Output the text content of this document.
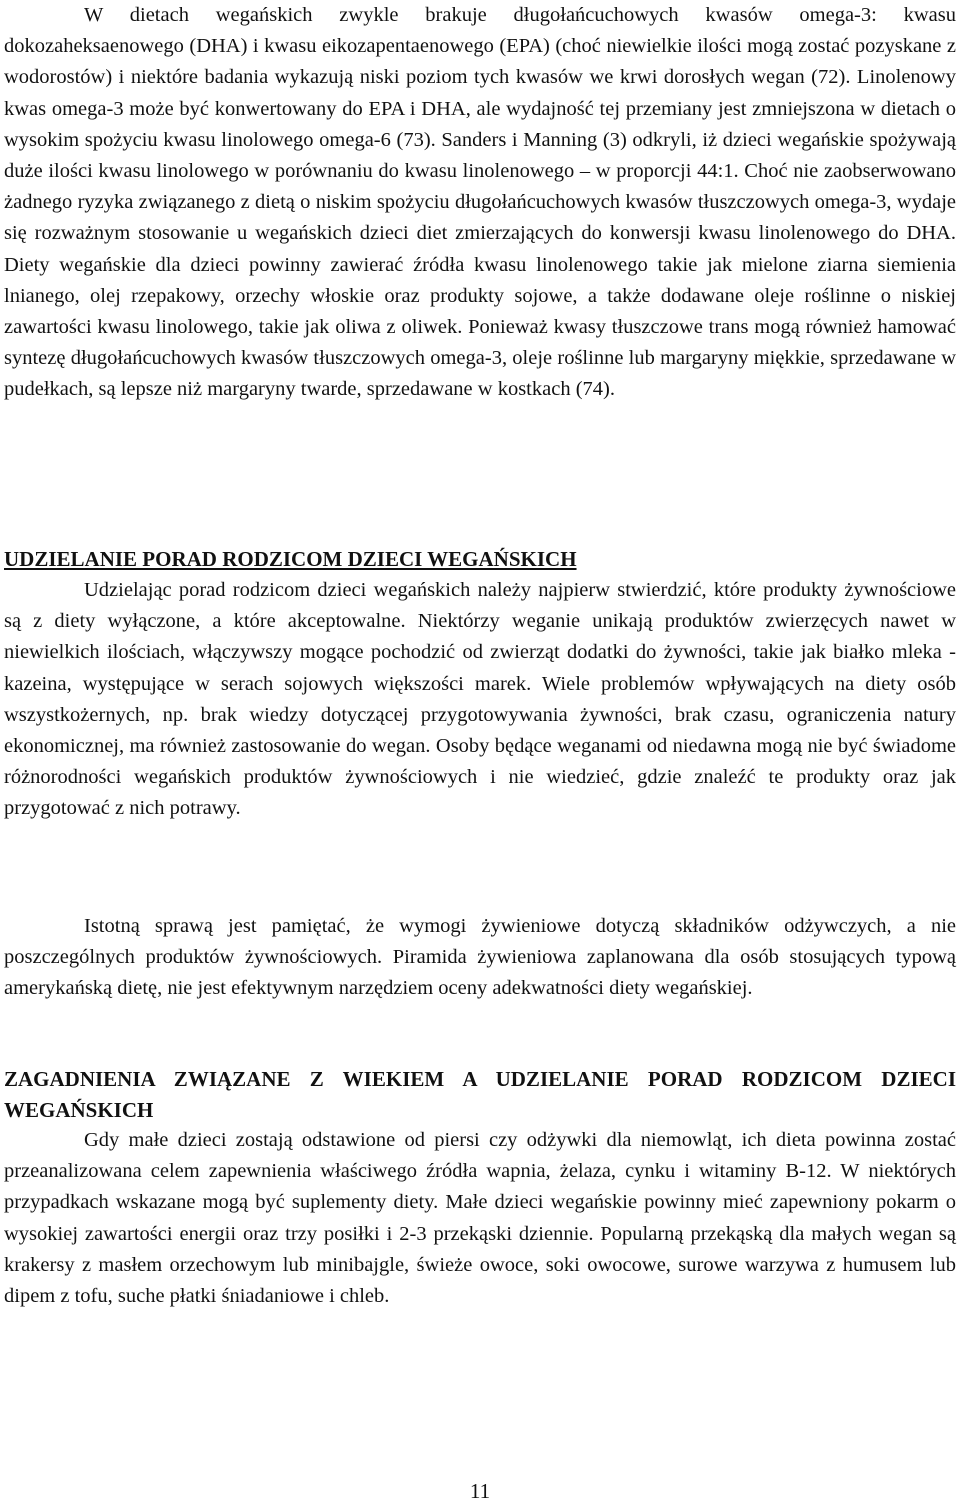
W dietach wegańskich zwykle brakuje długołańcuchowych kwasów omega-3: kwasu dokozaheksaenowego (DHA) i kwasu eikozapentaenowego (EPA) (choć niewielkie ilości mogą zostać pozyskane z wodorostów) i niektóre badania wykazują niski poziom tych kwasów we krwi dorosłych wegan (72). Linolenowy kwas omega-3 może być konwertowany do EPA i DHA, ale wydajność tej przemiany jest zmniejszona w dietach o wysokim spożyciu kwasu linolowego omega-6 (73). Sanders i Manning (3) odkryli, iż dzieci wegańskie spożywają duże ilości kwasu linolowego w porównaniu do kwasu linolenowego – w proporcji 44:1. Choć nie zaobserwowano żadnego ryzyka związanego z dietą o niskim spożyciu długołańcuchowych kwasów tłuszczowych omega-3, wydaje się rozważnym stosowanie u wegańskich dzieci diet zmierzających do konwersji kwasu linolenowego do DHA. Diety wegańskie dla dzieci powinny zawierać źródła kwasu linolenowego takie jak mielone ziarna siemienia lnianego, olej rzepakowy, orzechy włoskie oraz produkty sojowe, a także dodawane oleje roślinne o niskiej zawartości kwasu linolowego, takie jak oliwa z oliwek. Ponieważ kwasy tłuszczowe trans mogą również hamować syntezę długołańcuchowych kwasów tłuszczowych omega-3, oleje roślinne lub margaryny miękkie, sprzedawane w pudełkach, są lepsze niż margaryny twarde, sprzedawane w kostkach (74).

UDZIELANIE PORAD RODZICOM DZIECI WEGAŃSKICH

Udzielając porad rodzicom dzieci wegańskich należy najpierw stwierdzić, które produkty żywnościowe są z diety wyłączone, a które akceptowalne. Niektórzy weganie unikają produktów zwierzęcych nawet w niewielkich ilościach, włączywszy mogące pochodzić od zwierząt dodatki do żywności, takie jak białko mleka - kazeina, występujące w serach sojowych większości marek. Wiele problemów wpływających na diety osób wszystkożernych, np. brak wiedzy dotyczącej przygotowywania żywności, brak czasu, ograniczenia natury ekonomicznej, ma również zastosowanie do wegan. Osoby będące weganami od niedawna mogą nie być świadome różnorodności wegańskich produktów żywnościowych i nie wiedzieć, gdzie znaleźć te produkty oraz jak przygotować z nich potrawy.

Istotną sprawą jest pamiętać, że wymogi żywieniowe dotyczą składników odżywczych, a nie poszczególnych produktów żywnościowych. Piramida żywieniowa zaplanowana dla osób stosujących typową amerykańską dietę, nie jest efektywnym narzędziem oceny adekwatności diety wegańskiej.

ZAGADNIENIA ZWIĄZANE Z WIEKIEM A UDZIELANIE PORAD RODZICOM DZIECI WEGAŃSKICH

Gdy małe dzieci zostają odstawione od piersi czy odżywki dla niemowląt, ich dieta powinna zostać przeanalizowana celem zapewnienia właściwego źródła wapnia, żelaza, cynku i witaminy B-12. W niektórych przypadkach wskazane mogą być suplementy diety. Małe dzieci wegańskie powinny mieć zapewniony pokarm o wysokiej zawartości energii oraz trzy posiłki i 2-3 przekąski dziennie. Popularną przekąską dla małych wegan są krakersy z masłem orzechowym lub minibajgle, świeże owoce, soki owocowe, surowe warzywa z humusem lub dipem z tofu, suche płatki śniadaniowe i chleb.

11
